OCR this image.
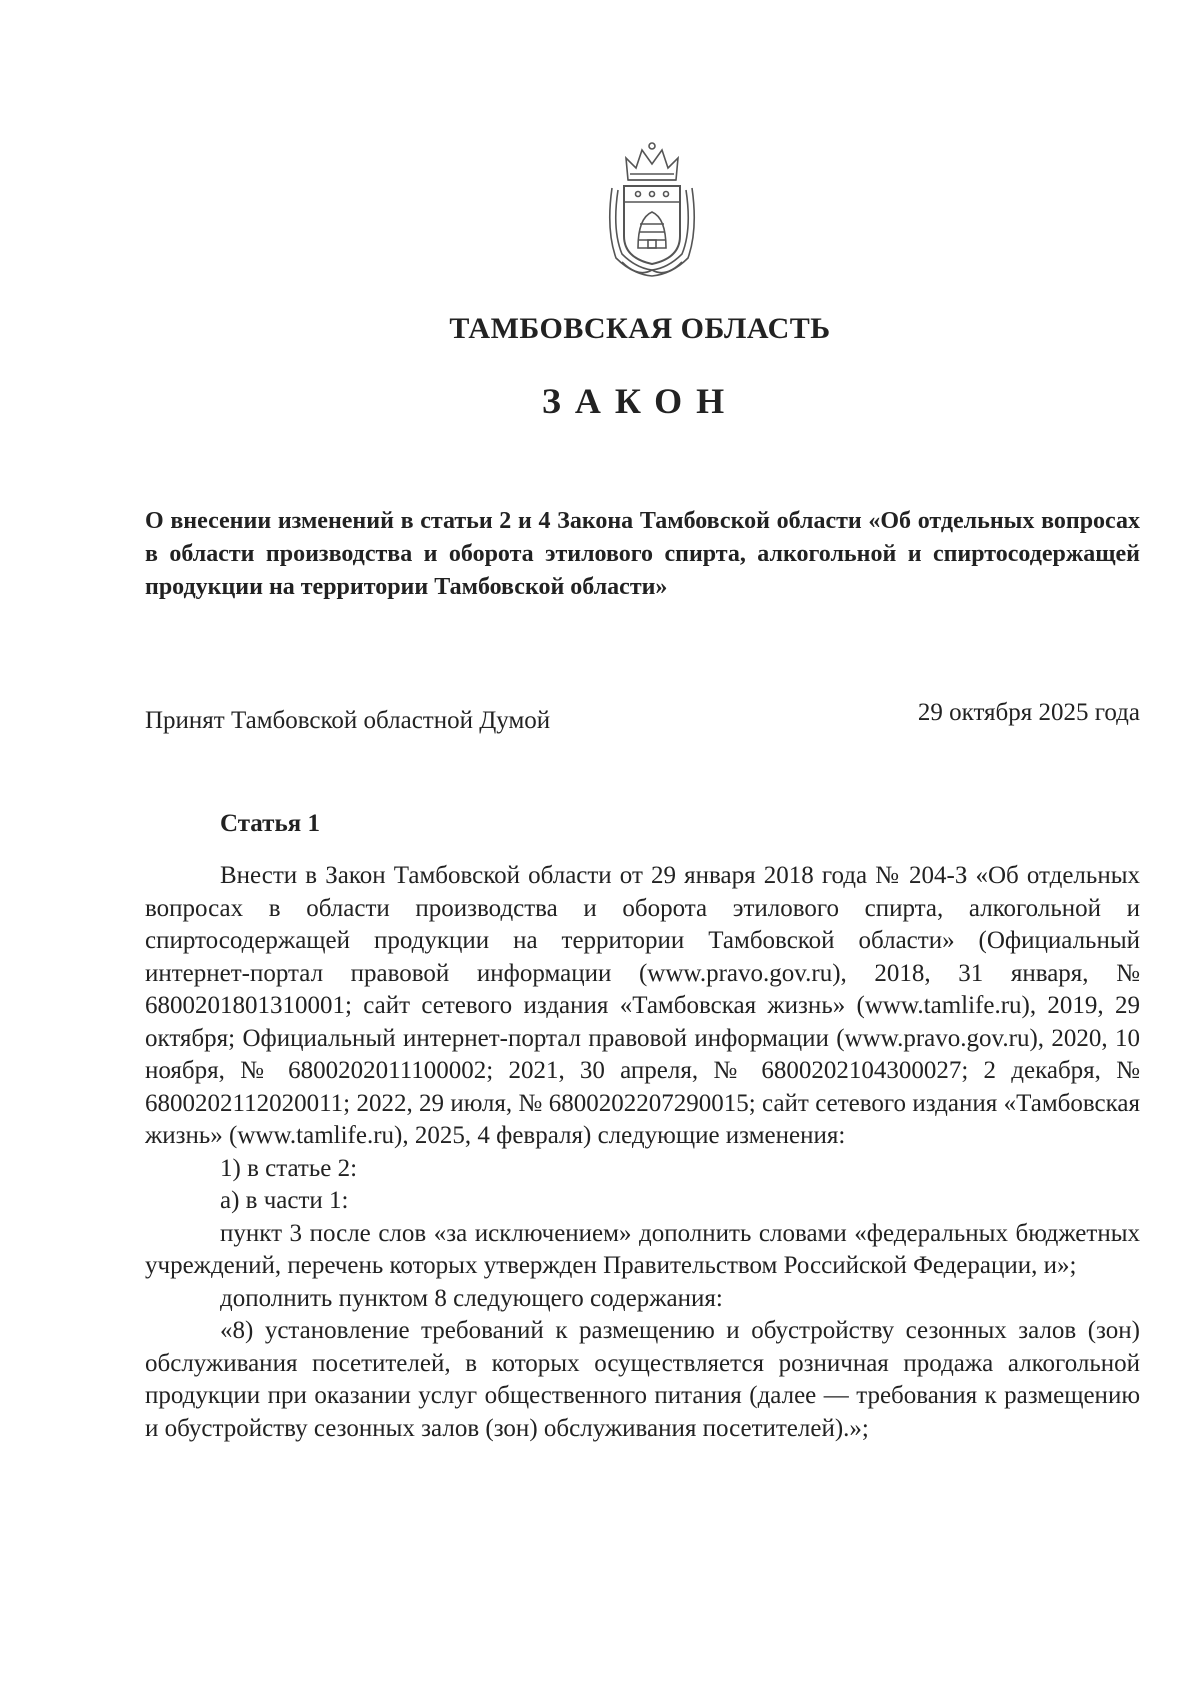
ТАМБОВСКАЯ ОБЛАСТЬ
ЗАКОН
О внесении изменений в статьи 2 и 4 Закона Тамбовской области «Об отдельных вопросах в области производства и оборота этилового спирта, алкогольной и спиртосодержащей продукции на территории Тамбовской области»
Принят Тамбовской областной Думой	29 октября 2025 года
Статья 1

Внести в Закон Тамбовской области от 29 января 2018 года № 204-З «Об отдельных вопросах в области производства и оборота этилового спирта, алкогольной и спиртосодержащей продукции на территории Тамбовской области» (Официальный интернет-портал правовой информации (www.pravo.gov.ru), 2018, 31 января, № 6800201801310001; сайт сетевого издания «Тамбовская жизнь» (www.tamlife.ru), 2019, 29 октября; Официальный интернет-портал правовой информации (www.pravo.gov.ru), 2020, 10 ноября, № 6800202011100002; 2021, 30 апреля, № 6800202104300027; 2 декабря, № 6800202112020011; 2022, 29 июля, № 6800202207290015; сайт сетевого издания «Тамбовская жизнь» (www.tamlife.ru), 2025, 4 февраля) следующие изменения:

1) в статье 2:

а) в части 1:

пункт 3 после слов «за исключением» дополнить словами «федеральных бюджетных учреждений, перечень которых утвержден Правительством Российской Федерации, и»;

дополнить пунктом 8 следующего содержания:

«8) установление требований к размещению и обустройству сезонных залов (зон) обслуживания посетителей, в которых осуществляется розничная продажа алкогольной продукции при оказании услуг общественного питания (далее — требования к размещению и обустройству сезонных залов (зон) обслуживания посетителей).»;
